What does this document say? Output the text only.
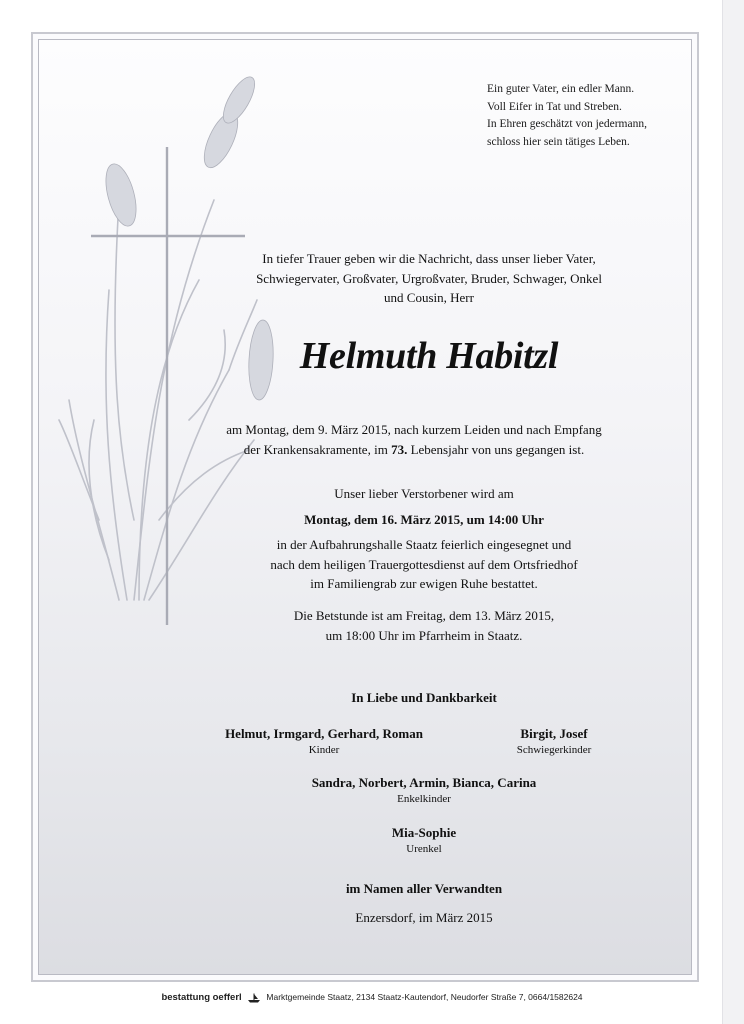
Ein guter Vater, ein edler Mann.
Voll Eifer in Tat und Streben.
In Ehren geschätzt von jedermann,
schloss hier sein tätiges Leben.
In tiefer Trauer geben wir die Nachricht, dass unser lieber Vater,
Schwiegervater, Großvater, Urgroßvater, Bruder, Schwager, Onkel
und Cousin, Herr
Helmuth Habitzl
am Montag, dem 9. März 2015, nach kurzem Leiden und nach Empfang
der Krankensakramente, im 73. Lebensjahr von uns gegangen ist.
Unser lieber Verstorbener wird am
Montag, dem 16. März 2015, um 14:00 Uhr
in der Aufbahrungshalle Staatz feierlich eingesegnet und
nach dem heiligen Trauergottesdienst auf dem Ortsfriedhof
im Familiengrab zur ewigen Ruhe bestattet.
Die Betstunde ist am Freitag, dem 13. März 2015,
um 18:00 Uhr im Pfarrheim in Staatz.
In Liebe und Dankbarkeit
Helmut, Irmgard, Gerhard, Roman
Kinder
Birgit, Josef
Schwiegerkinder
Sandra, Norbert, Armin, Bianca, Carina
Enkelkinder
Mia-Sophie
Urenkel
im Namen aller Verwandten
Enzersdorf, im März 2015
bestattung oefferl	Marktgemeinde Staatz, 2134 Staatz-Kautendorf, Neudorfer Straße 7, 0664/1582624
